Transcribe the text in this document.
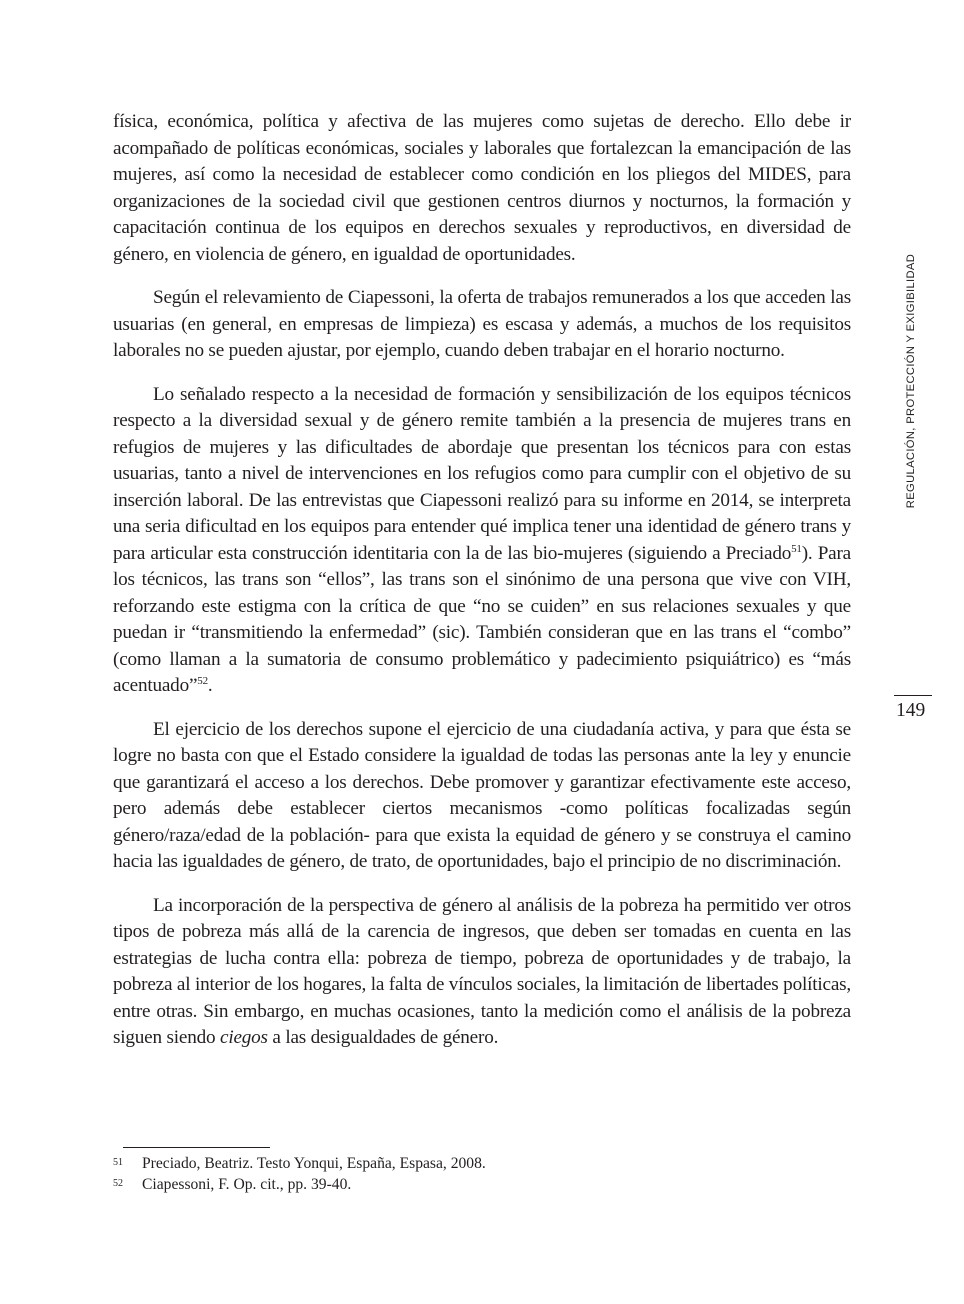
física, económica, política y afectiva de las mujeres como sujetas de derecho. Ello debe ir acompañado de políticas económicas, sociales y laborales que fortalezcan la emancipación de las mujeres, así como la necesidad de establecer como condición en los pliegos del MIDES, para organizaciones de la sociedad civil que gestionen centros diurnos y nocturnos, la formación y capacitación continua de los equipos en derechos sexuales y reproductivos, en diversidad de género, en violencia de género, en igualdad de oportunidades.

Según el relevamiento de Ciapessoni, la oferta de trabajos remunerados a los que acceden las usuarias (en general, en empresas de limpieza) es escasa y además, a muchos de los requisitos laborales no se pueden ajustar, por ejemplo, cuando deben trabajar en el horario nocturno.

Lo señalado respecto a la necesidad de formación y sensibilización de los equipos técnicos respecto a la diversidad sexual y de género remite también a la presencia de mujeres trans en refugios de mujeres y las dificultades de abordaje que presentan los técnicos para con estas usuarias, tanto a nivel de intervenciones en los refugios como para cumplir con el objetivo de su inserción laboral. De las entrevistas que Ciapessoni realizó para su informe en 2014, se interpreta una seria dificultad en los equipos para entender qué implica tener una identidad de género trans y para articular esta construcción identitaria con la de las bio-mujeres (siguiendo a Preciado$^{51}$). Para los técnicos, las trans son “ellos”, las trans son el sinónimo de una persona que vive con VIH, reforzando este estigma con la crítica de que “no se cuiden” en sus relaciones sexuales y que puedan ir “transmitiendo la enfermedad” (sic). También consideran que en las trans el “combo” (como llaman a la sumatoria de consumo problemático y padecimiento psiquiátrico) es “más acentuado”$^{52}$.

El ejercicio de los derechos supone el ejercicio de una ciudadanía activa, y para que ésta se logre no basta con que el Estado considere la igualdad de todas las personas ante la ley y enuncie que garantizará el acceso a los derechos. Debe promover y garantizar efectivamente este acceso, pero además debe establecer ciertos mecanismos -como políticas focalizadas según género/raza/edad de la población- para que exista la equidad de género y se construya el camino hacia las igualdades de género, de trato, de oportunidades, bajo el principio de no discriminación.

La incorporación de la perspectiva de género al análisis de la pobreza ha permitido ver otros tipos de pobreza más allá de la carencia de ingresos, que deben ser tomadas en cuenta en las estrategias de lucha contra ella: pobreza de tiempo, pobreza de oportunidades y de trabajo, la pobreza al interior de los hogares, la falta de vínculos sociales, la limitación de libertades políticas, entre otras. Sin embargo, en muchas ocasiones, tanto la medición como el análisis de la pobreza siguen siendo ciegos a las desigualdades de género.

REGULACIÓN, PROTECCIÓN Y EXIGIBILIDAD
149

51 Preciado, Beatriz. Testo Yonqui, España, Espasa, 2008.

52 Ciapessoni, F. Op. cit., pp. 39-40.
